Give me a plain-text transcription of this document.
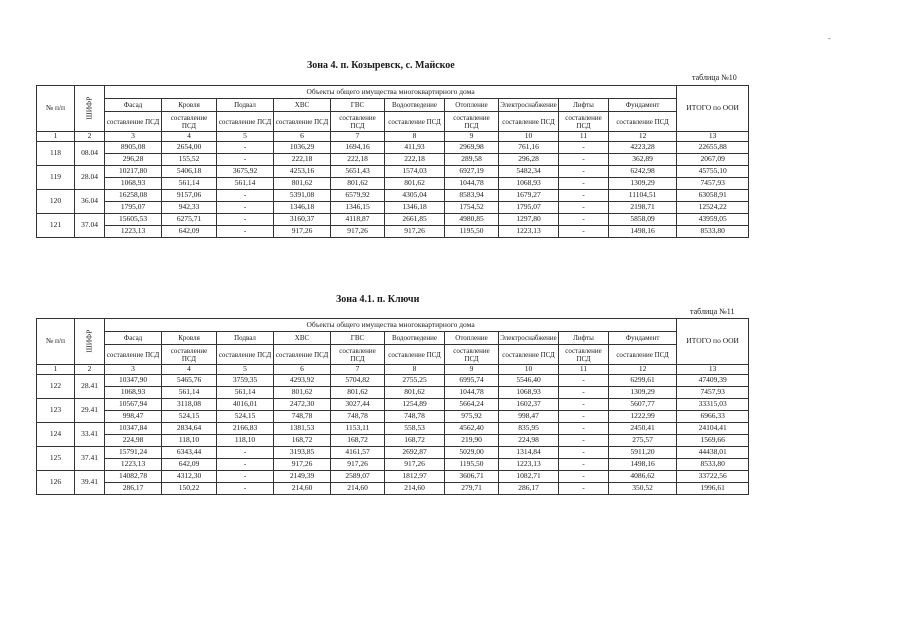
-
Зона 4. п. Козыревск, с. Майское
таблица №10
№ п/п	ШИФР	Объекты общего имущества многоквартирного дома										ИТОГО по ООИ
		Фасад	Кровля	Подвал	ХВС	ГВС	Водоотведение	Отопление	Электроснабжение	Лифты	Фундамент	
		составление ПСД	составление ПСД	составление ПСД	составление ПСД	составление ПСД	составление ПСД	составление ПСД	составление ПСД	составление ПСД	составление ПСД	
1	2	3	4	5	6	7	8	9	10	11	12	13
118	08.04	8905,08	2654,00	-	1036,29	1694,16	411,93	2969,98	761,16	-	4223,28	22655,88
		296,28	155,52	-	222,18	222,18	222,18	289,58	296,28	-	362,89	2067,09
119	28.04	10217,80	5406,18	3675,92	4253,16	5651,43	1574,03	6927,19	5482,34	-	6242,98	45755,10
		1068,93	561,14	561,14	801,62	801,62	801,62	1044,78	1068,93	-	1309,29	7457,93
120	36.04	16258,08	9157,06	-	5391,08	6579,92	4305,04	8583,94	1679,27	-	11104,51	63058,91
		1795,07	942,33	-	1346,18	1346,15	1346,18	1754,52	1795,07	-	2198,71	12524,22
121	37.04	15605,53	6275,71	-	3160,37	4118,87	2661,85	4980,85	1297,80	-	5858,09	43959,05
		1223,13	642,09	-	917,26	917,26	917,26	1195,50	1223,13	-	1498,16	8533,80
Зона 4.1. п. Ключи
таблица №11
№ п/п	ШИФР	Объекты общего имущества многоквартирного дома										ИТОГО по ООИ
		Фасад	Кровля	Подвал	ХВС	ГВС	Водоотведение	Отопление	Электроснабжение	Лифты	Фундамент	
		составление ПСД	составление ПСД	составление ПСД	составление ПСД	составление ПСД	составление ПСД	составление ПСД	составление ПСД	составление ПСД	составление ПСД	
1	2	3	4	5	6	7	8	9	10	11	12	13
122	28.41	10347,90	5465,76	3759,35	4293,92	5704,82	2755,25	6995,74	5546,40	-	6299,61	47409,39
		1068,93	561,14	561,14	801,62	801,62	801,62	1044,78	1068,93	-	1309,29	7457,93
123	29.41	10567,94	3118,08	4016,01	2472,30	3027,44	1254,89	5664,24	1602,37	-	5607,77	33315,03
		998,47	524,15	524,15	748,78	748,78	748,78	975,92	998,47	-	1222,99	6966,33
124	33.41	10347,84	2834,64	2166,83	1381,53	1153,11	558,53	4562,40	835,95	-	2450,41	24104,41
		224,98	118,10	118,10	168,72	168,72	168,72	219,90	224,98	-	275,57	1569,66
125	37.41	15791,24	6343,44	-	3193,85	4161,57	2692,87	5029,00	1314,84	-	5911,20	44438,01
		1223,13	642,09	-	917,26	917,26	917,26	1195,50	1223,13	-	1498,16	8533,80
126	39.41	14082,78	4312,30	-	2149,39	2589,07	1812,97	3606,71	1082,71	-	4086,62	33722,56
		286,17	150,22	-	214,60	214,60	214,60	279,71	286,17	-	350,52	1996,61
